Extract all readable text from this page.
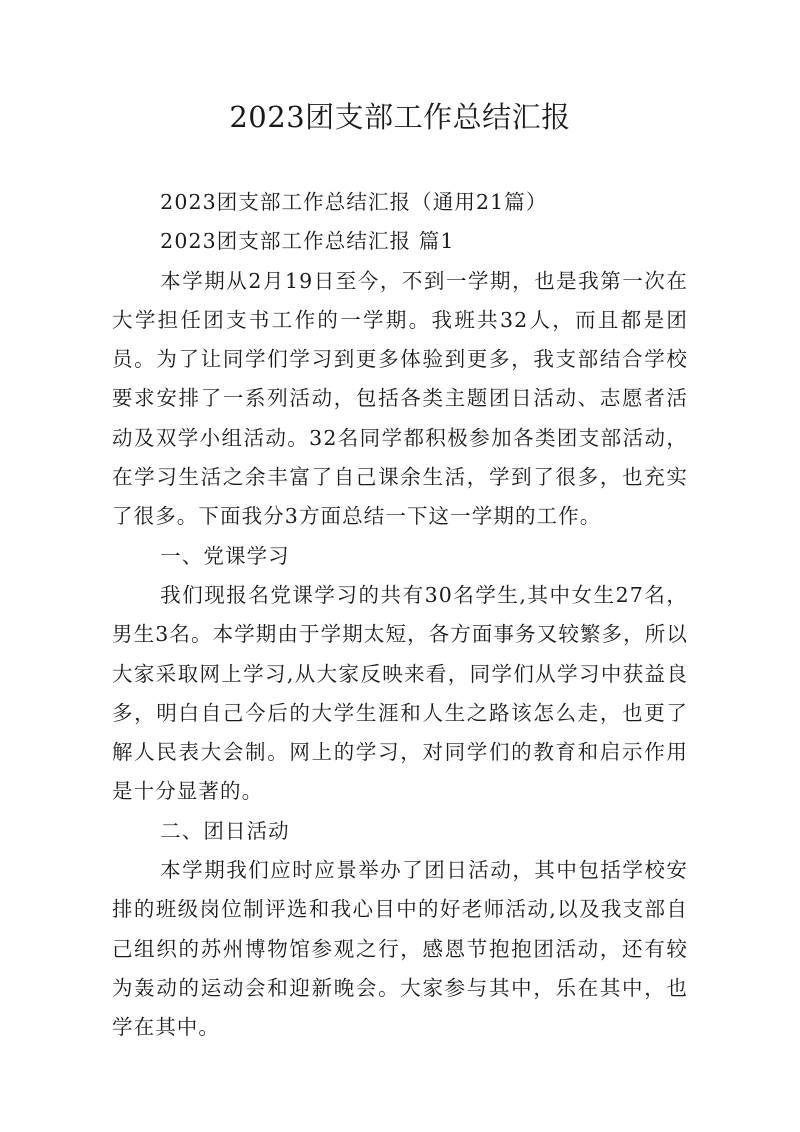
2023团支部工作总结汇报

2023团支部工作总结汇报（通用21篇）

2023团支部工作总结汇报 篇1

本学期从2月19日至今，不到一学期，也是我第一次在大学担任团支书工作的一学期。我班共32人，而且都是团员。为了让同学们学习到更多体验到更多，我支部结合学校要求安排了一系列活动，包括各类主题团日活动、志愿者活动及双学小组活动。32名同学都积极参加各类团支部活动，在学习生活之余丰富了自己课余生活，学到了很多，也充实了很多。下面我分3方面总结一下这一学期的工作。

一、党课学习

我们现报名党课学习的共有30名学生,其中女生27名，男生3名。本学期由于学期太短，各方面事务又较繁多，所以大家采取网上学习,从大家反映来看，同学们从学习中获益良多，明白自己今后的大学生涯和人生之路该怎么走，也更了解人民表大会制。网上的学习，对同学们的教育和启示作用是十分显著的。

二、团日活动

本学期我们应时应景举办了团日活动，其中包括学校安排的班级岗位制评选和我心目中的好老师活动,以及我支部自己组织的苏州博物馆参观之行，感恩节抱抱团活动，还有较为轰动的运动会和迎新晚会。大家参与其中，乐在其中，也学在其中。
